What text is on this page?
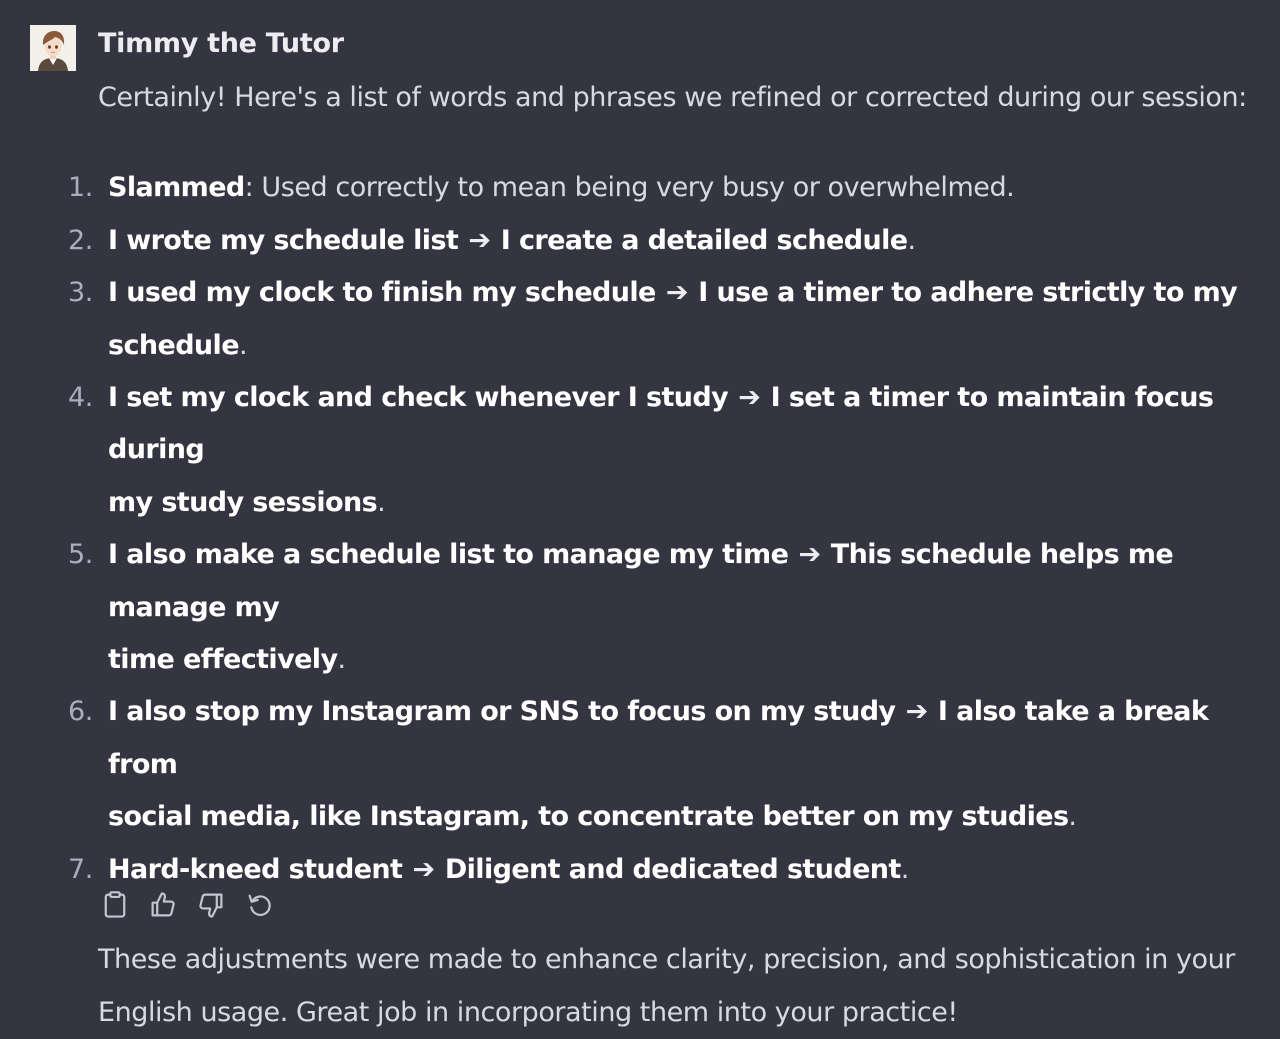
Timmy the Tutor

Certainly! Here's a list of words and phrases we refined or corrected during our session:

1. Slammed: Used correctly to mean being very busy or overwhelmed.
2. I wrote my schedule list ➔ I create a detailed schedule.
3. I used my clock to finish my schedule ➔ I use a timer to adhere strictly to my
schedule.
4. I set my clock and check whenever I study ➔ I set a timer to maintain focus during
my study sessions.
5. I also make a schedule list to manage my time ➔ This schedule helps me manage my
time effectively.
6. I also stop my Instagram or SNS to focus on my study ➔ I also take a break from
social media, like Instagram, to concentrate better on my studies.
7. Hard-kneed student ➔ Diligent and dedicated student.

These adjustments were made to enhance clarity, precision, and sophistication in your
English usage. Great job in incorporating them into your practice!
